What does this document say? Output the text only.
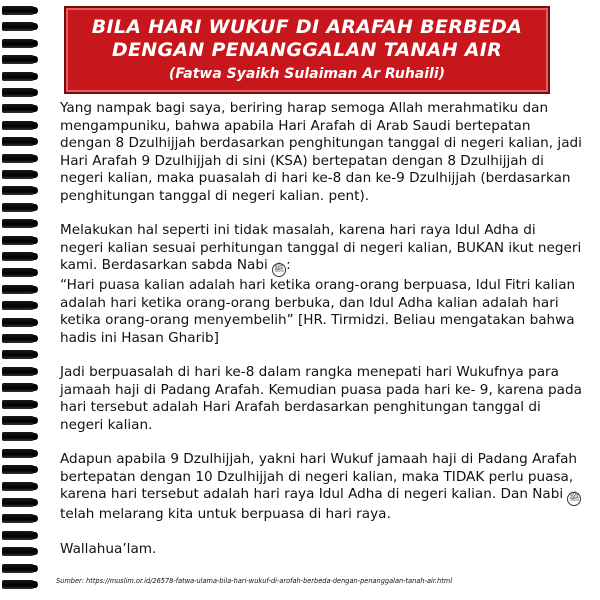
BILA HARI WUKUF DI ARAFAH BERBEDA
DENGAN PENANGGALAN TANAH AIR
(Fatwa Syaikh Sulaiman Ar Ruhaili)

Yang nampak bagi saya, beriring harap semoga Allah merahmatiku dan mengampuniku, bahwa apabila Hari Arafah di Arab Saudi bertepatan dengan 8 Dzulhijjah berdasarkan penghitungan tanggal di negeri kalian, jadi Hari Arafah 9 Dzulhijjah di sini (KSA) bertepatan dengan 8 Dzulhijjah di negeri kalian, maka puasalah di hari ke-8 dan ke-9 Dzulhijjah (berdasarkan penghitungan tanggal di negeri kalian. pent).

Melakukan hal seperti ini tidak masalah, karena hari raya Idul Adha di negeri kalian sesuai perhitungan tanggal di negeri kalian, BUKAN ikut negeri kami. Berdasarkan sabda Nabi ﷺ :
“Hari puasa kalian adalah hari ketika orang-orang berpuasa, Idul Fitri kalian adalah hari ketika orang-orang berbuka, dan Idul Adha kalian adalah hari ketika orang-orang menyembelih” [HR. Tirmidzi. Beliau mengatakan bahwa hadis ini Hasan Gharib]

Jadi berpuasalah di hari ke-8 dalam rangka menepati hari Wukufnya para jamaah haji di Padang Arafah. Kemudian puasa pada hari ke- 9, karena pada hari tersebut adalah Hari Arafah berdasarkan penghitungan tanggal di negeri kalian.

Adapun apabila 9 Dzulhijjah, yakni hari Wukuf jamaah haji di Padang Arafah bertepatan dengan 10 Dzulhijjah di negeri kalian, maka TIDAK perlu puasa, karena hari tersebut adalah hari raya Idul Adha di negeri kalian. Dan Nabi ﷺ telah melarang kita untuk berpuasa di hari raya.

Wallahua’lam.

Sumber: https://muslim.or.id/26578-fatwa-ulama-bila-hari-wukuf-di-arofah-berbeda-dengan-penanggalan-tanah-air.html
